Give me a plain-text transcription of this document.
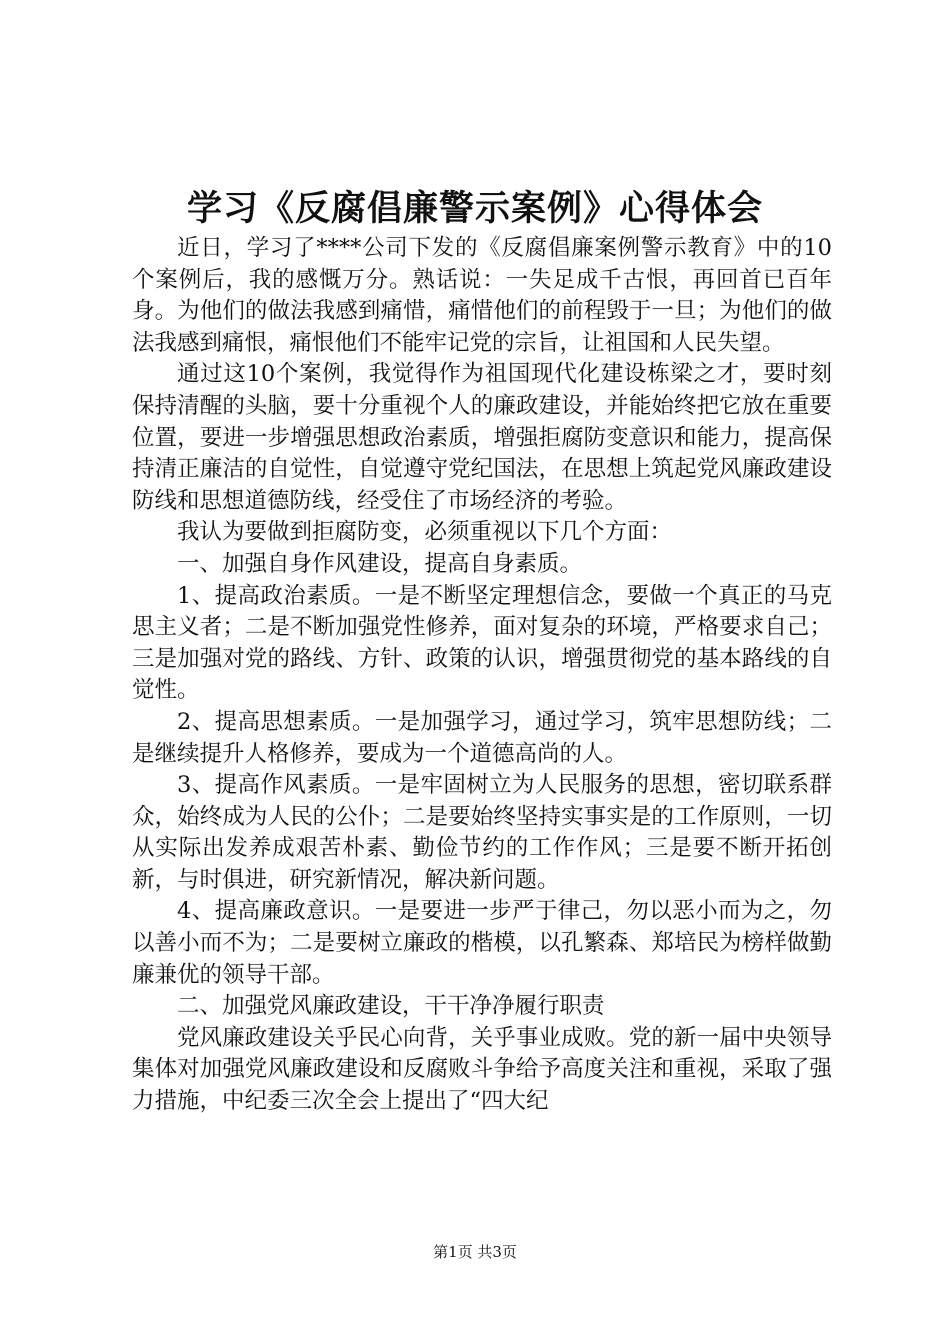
学习《反腐倡廉警示案例》心得体会

近日，学习了****公司下发的《反腐倡廉案例警示教育》中的10个案例后，我的感慨万分。熟话说：一失足成千古恨，再回首已百年身。为他们的做法我感到痛惜，痛惜他们的前程毁于一旦；为他们的做法我感到痛恨，痛恨他们不能牢记党的宗旨，让祖国和人民失望。

通过这10个案例，我觉得作为祖国现代化建设栋梁之才，要时刻保持清醒的头脑，要十分重视个人的廉政建设，并能始终把它放在重要位置，要进一步增强思想政治素质，增强拒腐防变意识和能力，提高保持清正廉洁的自觉性，自觉遵守党纪国法，在思想上筑起党风廉政建设防线和思想道德防线，经受住了市场经济的考验。

我认为要做到拒腐防变，必须重视以下几个方面：

一、加强自身作风建设，提高自身素质。

1、提高政治素质。一是不断坚定理想信念，要做一个真正的马克思主义者；二是不断加强党性修养，面对复杂的环境，严格要求自己；三是加强对党的路线、方针、政策的认识，增强贯彻党的基本路线的自觉性。

2、提高思想素质。一是加强学习，通过学习，筑牢思想防线；二是继续提升人格修养，要成为一个道德高尚的人。

3、提高作风素质。一是牢固树立为人民服务的思想，密切联系群众，始终成为人民的公仆；二是要始终坚持实事实是的工作原则，一切从实际出发养成艰苦朴素、勤俭节约的工作作风；三是要不断开拓创新，与时俱进，研究新情况，解决新问题。

4、提高廉政意识。一是要进一步严于律己，勿以恶小而为之，勿以善小而不为；二是要树立廉政的楷模，以孔繁森、郑培民为榜样做勤廉兼优的领导干部。

二、加强党风廉政建设，干干净净履行职责

党风廉政建设关乎民心向背，关乎事业成败。党的新一届中央领导集体对加强党风廉政建设和反腐败斗争给予高度关注和重视，采取了强力措施，中纪委三次全会上提出了“四大纪

第1页 共3页
